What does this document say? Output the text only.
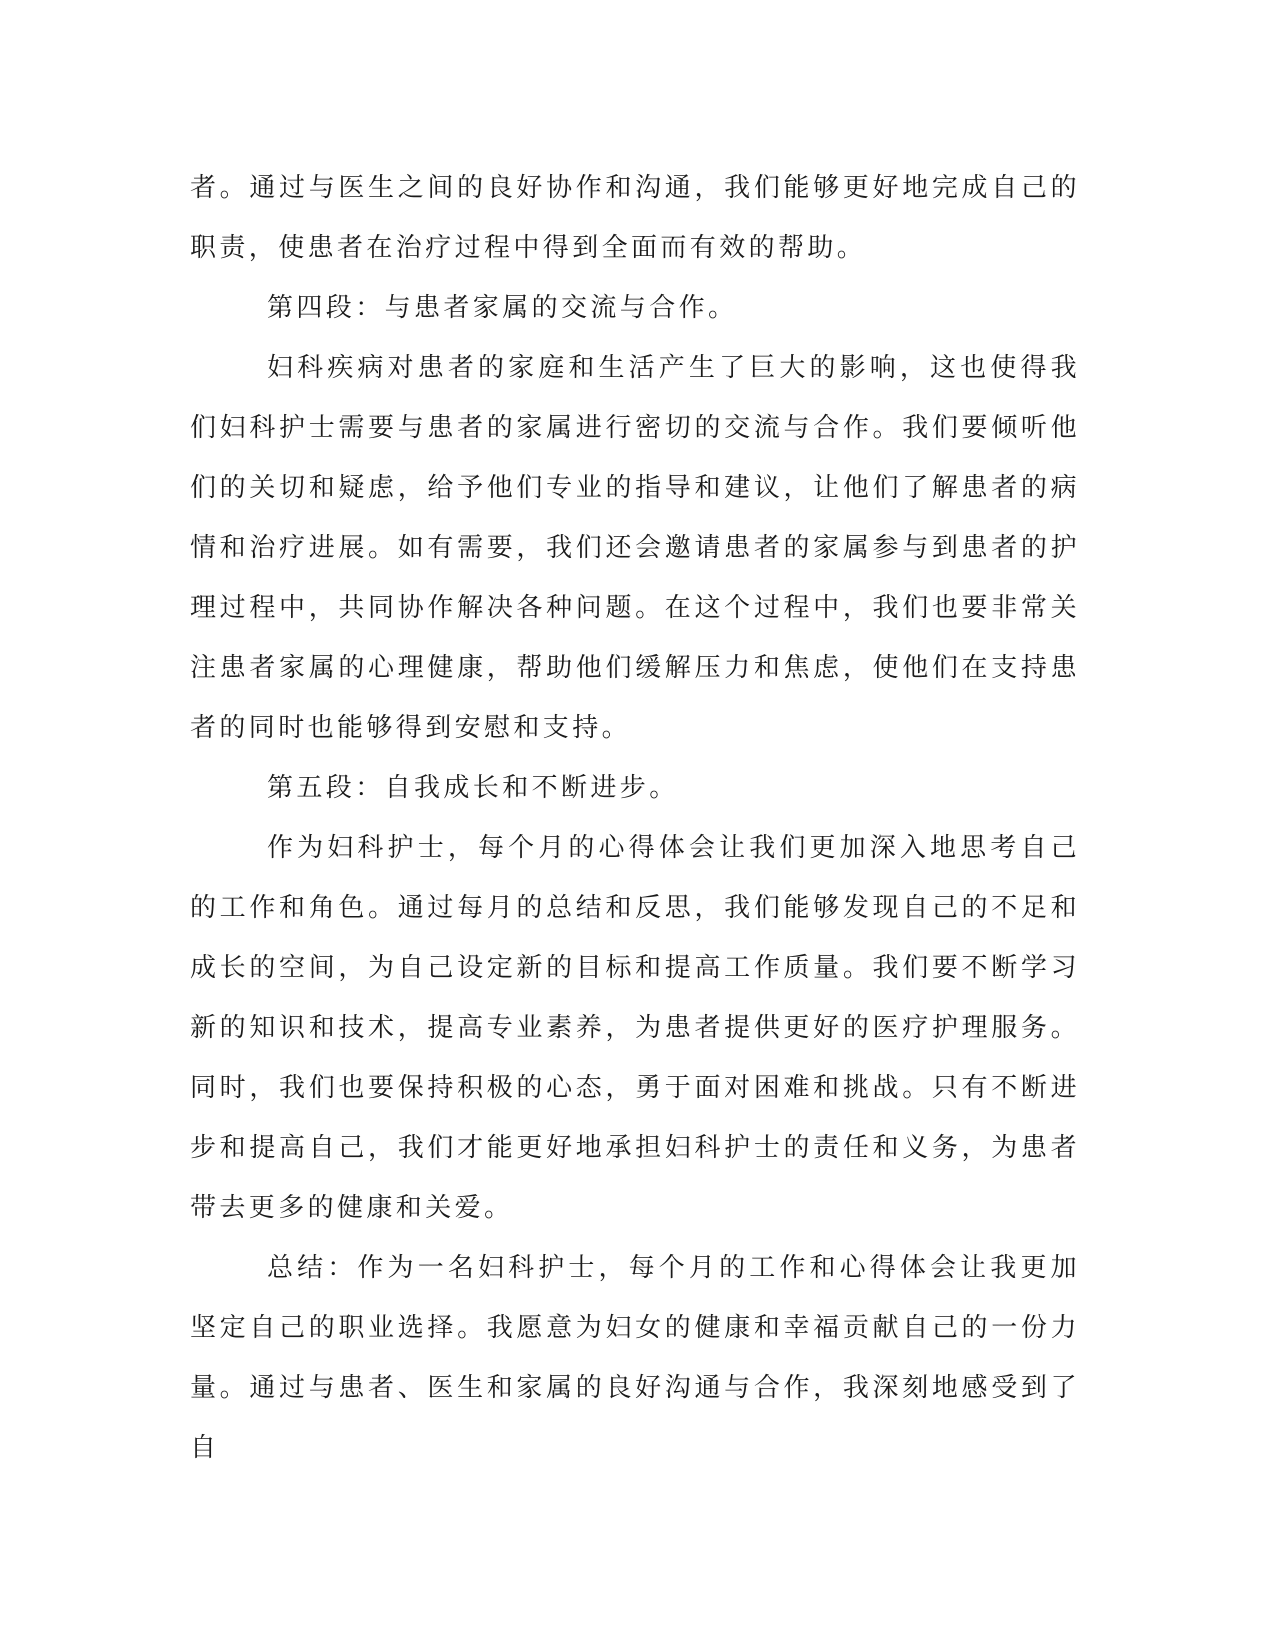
者。通过与医生之间的良好协作和沟通，我们能够更好地完成自己的职责，使患者在治疗过程中得到全面而有效的帮助。

第四段：与患者家属的交流与合作。

妇科疾病对患者的家庭和生活产生了巨大的影响，这也使得我们妇科护士需要与患者的家属进行密切的交流与合作。我们要倾听他们的关切和疑虑，给予他们专业的指导和建议，让他们了解患者的病情和治疗进展。如有需要，我们还会邀请患者的家属参与到患者的护理过程中，共同协作解决各种问题。在这个过程中，我们也要非常关注患者家属的心理健康，帮助他们缓解压力和焦虑，使他们在支持患者的同时也能够得到安慰和支持。

第五段：自我成长和不断进步。

作为妇科护士，每个月的心得体会让我们更加深入地思考自己的工作和角色。通过每月的总结和反思，我们能够发现自己的不足和成长的空间，为自己设定新的目标和提高工作质量。我们要不断学习新的知识和技术，提高专业素养，为患者提供更好的医疗护理服务。同时，我们也要保持积极的心态，勇于面对困难和挑战。只有不断进步和提高自己，我们才能更好地承担妇科护士的责任和义务，为患者带去更多的健康和关爱。

总结：作为一名妇科护士，每个月的工作和心得体会让我更加坚定自己的职业选择。我愿意为妇女的健康和幸福贡献自己的一份力量。通过与患者、医生和家属的良好沟通与合作，我深刻地感受到了自
